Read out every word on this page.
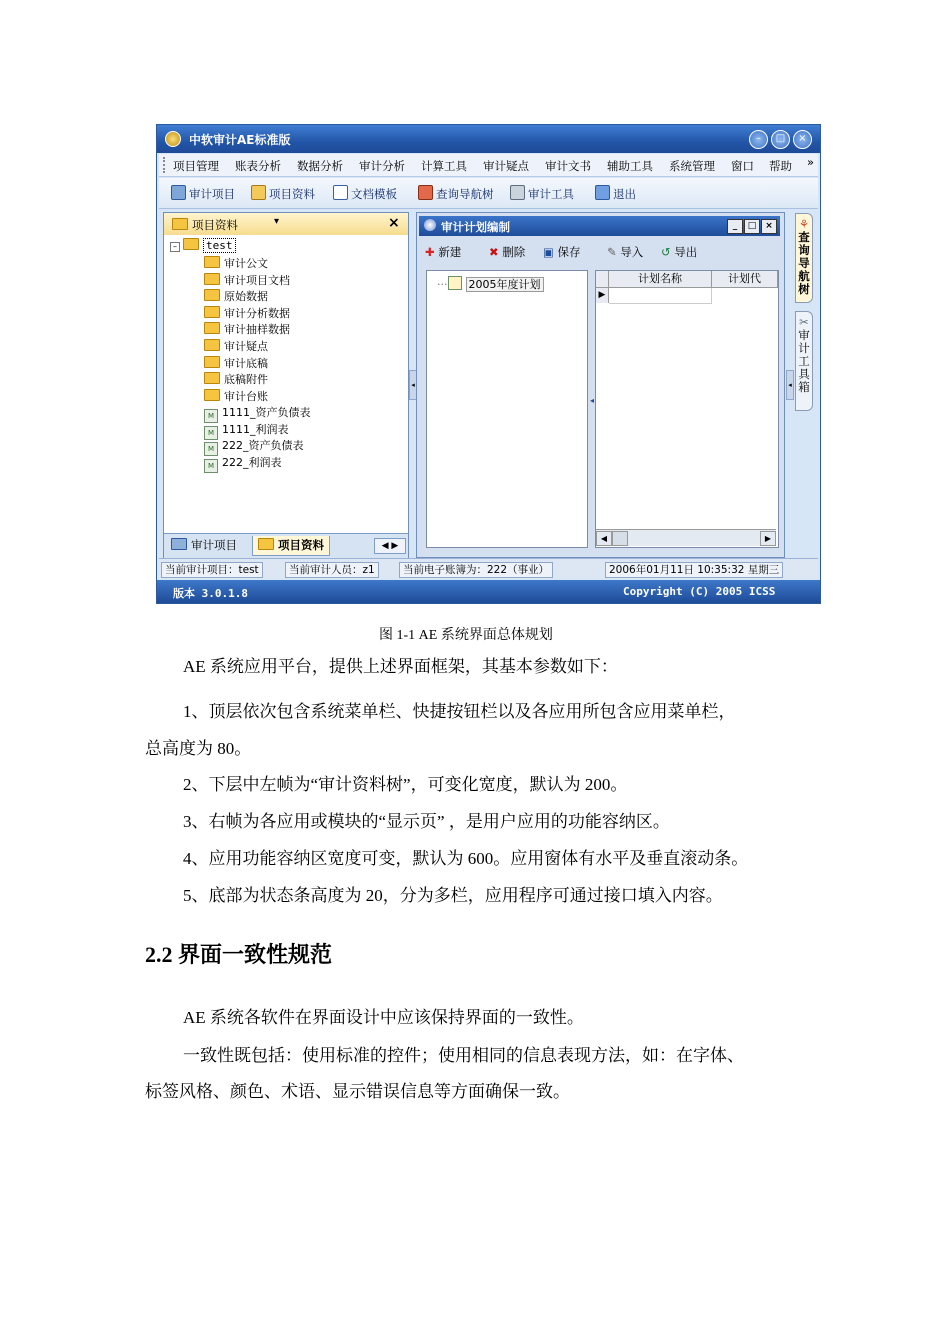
中软审计AE标准版	–	□	×
项目管理 账表分析 数据分析 审计分析 计算工具 审计疑点 审计文书 辅助工具 系统管理 窗口 帮助 »
审计项目	项目资料	文档模板	查询导航树	审计工具	退出
项目资料	▾	×
–	test
审计公文
审计项目文档
原始数据
审计分析数据
审计抽样数据
审计疑点
审计底稿
底稿附件
审计台账
M 1111_资产负债表
M 1111_利润表
M 222_资产负债表
M 222_利润表
审计项目	项目资料	◀ ▶
◂	◂
审计计划编制	_	□ ×
✚ 新建 ✖ 删除 ▣ 保存 ✎ 导入 ↺ 导出
··· 2005年度计划	计划名称	计划代
▶
◀	▶
◂
⚘

查询导航树
✂

审计工具箱
当前审计项目：test	当前审计人员：z1	当前电子账簿为：222（事业）	2006年01月11日 10:35:32 星期三
版本 3.0.1.8	Copyright (C) 2005 ICSS
图 1-1 AE 系统界面总体规划
AE 系统应用平台，提供上述界面框架，其基本参数如下：
1、顶层依次包含系统菜单栏、快捷按钮栏以及各应用所包含应用菜单栏，
总高度为 80。
2、下层中左帧为“审计资料树”，可变化宽度，默认为 200。
3、右帧为各应用或模块的“显示页” ，是用户应用的功能容纳区。
4、应用功能容纳区宽度可变，默认为 600。应用窗体有水平及垂直滚动条。
5、底部为状态条高度为 20，分为多栏，应用程序可通过接口填入内容。
2.2 界面一致性规范
AE 系统各软件在界面设计中应该保持界面的一致性。
一致性既包括：使用标准的控件；使用相同的信息表现方法，如：在字体、
标签风格、颜色、术语、显示错误信息等方面确保一致。
